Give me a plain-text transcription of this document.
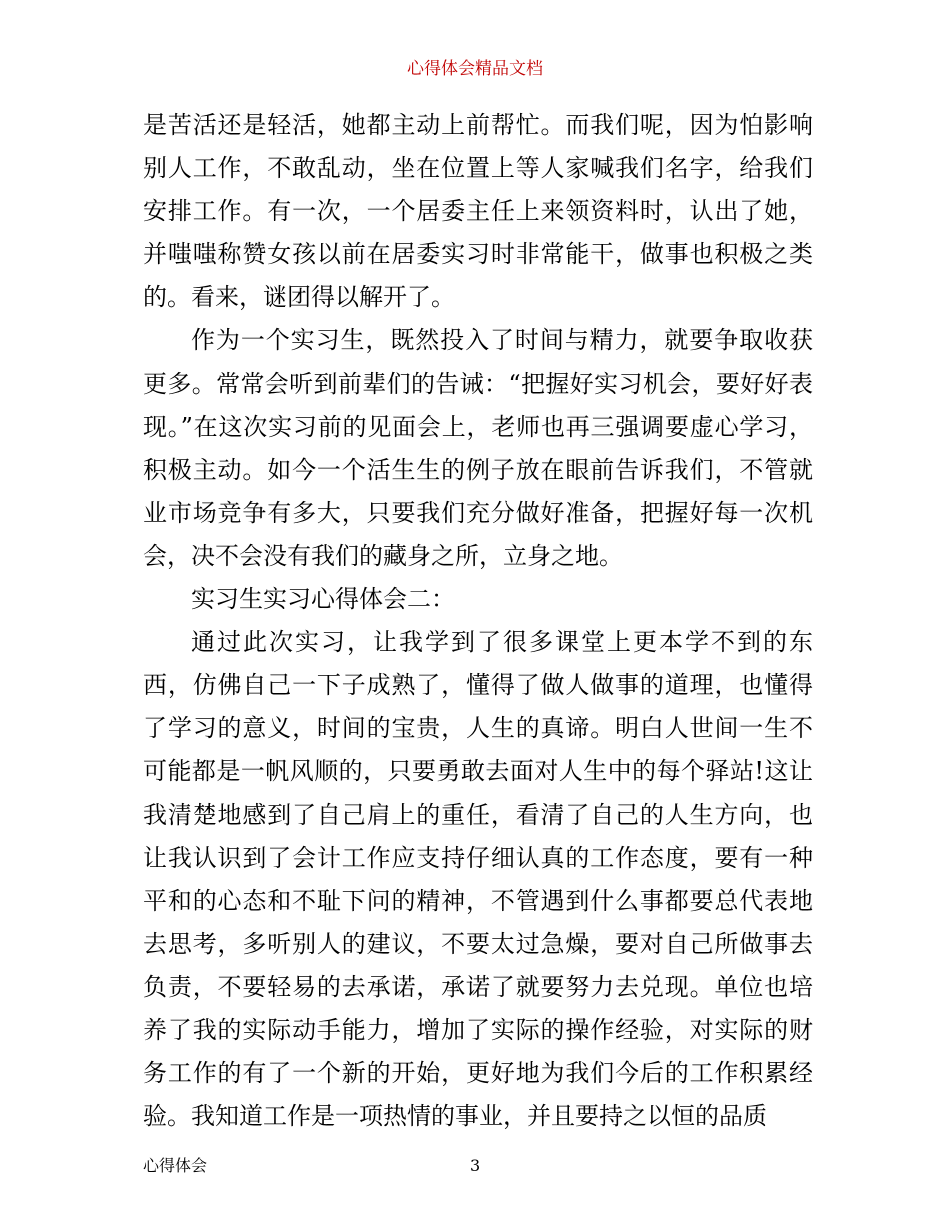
心得体会精品文档

是苦活还是轻活，她都主动上前帮忙。而我们呢，因为怕影响别人工作，不敢乱动，坐在位置上等人家喊我们名字，给我们安排工作。有一次，一个居委主任上来领资料时，认出了她，并嗤嗤称赞女孩以前在居委实习时非常能干，做事也积极之类的。看来，谜团得以解开了。

作为一个实习生，既然投入了时间与精力，就要争取收获更多。常常会听到前辈们的告诫：“把握好实习机会，要好好表现。”在这次实习前的见面会上，老师也再三强调要虚心学习，积极主动。如今一个活生生的例子放在眼前告诉我们，不管就业市场竞争有多大，只要我们充分做好准备，把握好每一次机会，决不会没有我们的藏身之所，立身之地。

实习生实习心得体会二：

通过此次实习，让我学到了很多课堂上更本学不到的东西，仿佛自己一下子成熟了，懂得了做人做事的道理，也懂得了学习的意义，时间的宝贵，人生的真谛。明白人世间一生不可能都是一帆风顺的，只要勇敢去面对人生中的每个驿站!这让我清楚地感到了自己肩上的重任，看清了自己的人生方向，也让我认识到了会计工作应支持仔细认真的工作态度，要有一种平和的心态和不耻下问的精神，不管遇到什么事都要总代表地去思考，多听别人的建议，不要太过急燥，要对自己所做事去负责，不要轻易的去承诺，承诺了就要努力去兑现。单位也培养了我的实际动手能力，增加了实际的操作经验，对实际的财务工作的有了一个新的开始，更好地为我们今后的工作积累经验。我知道工作是一项热情的事业，并且要持之以恒的品质

心得体会	3
